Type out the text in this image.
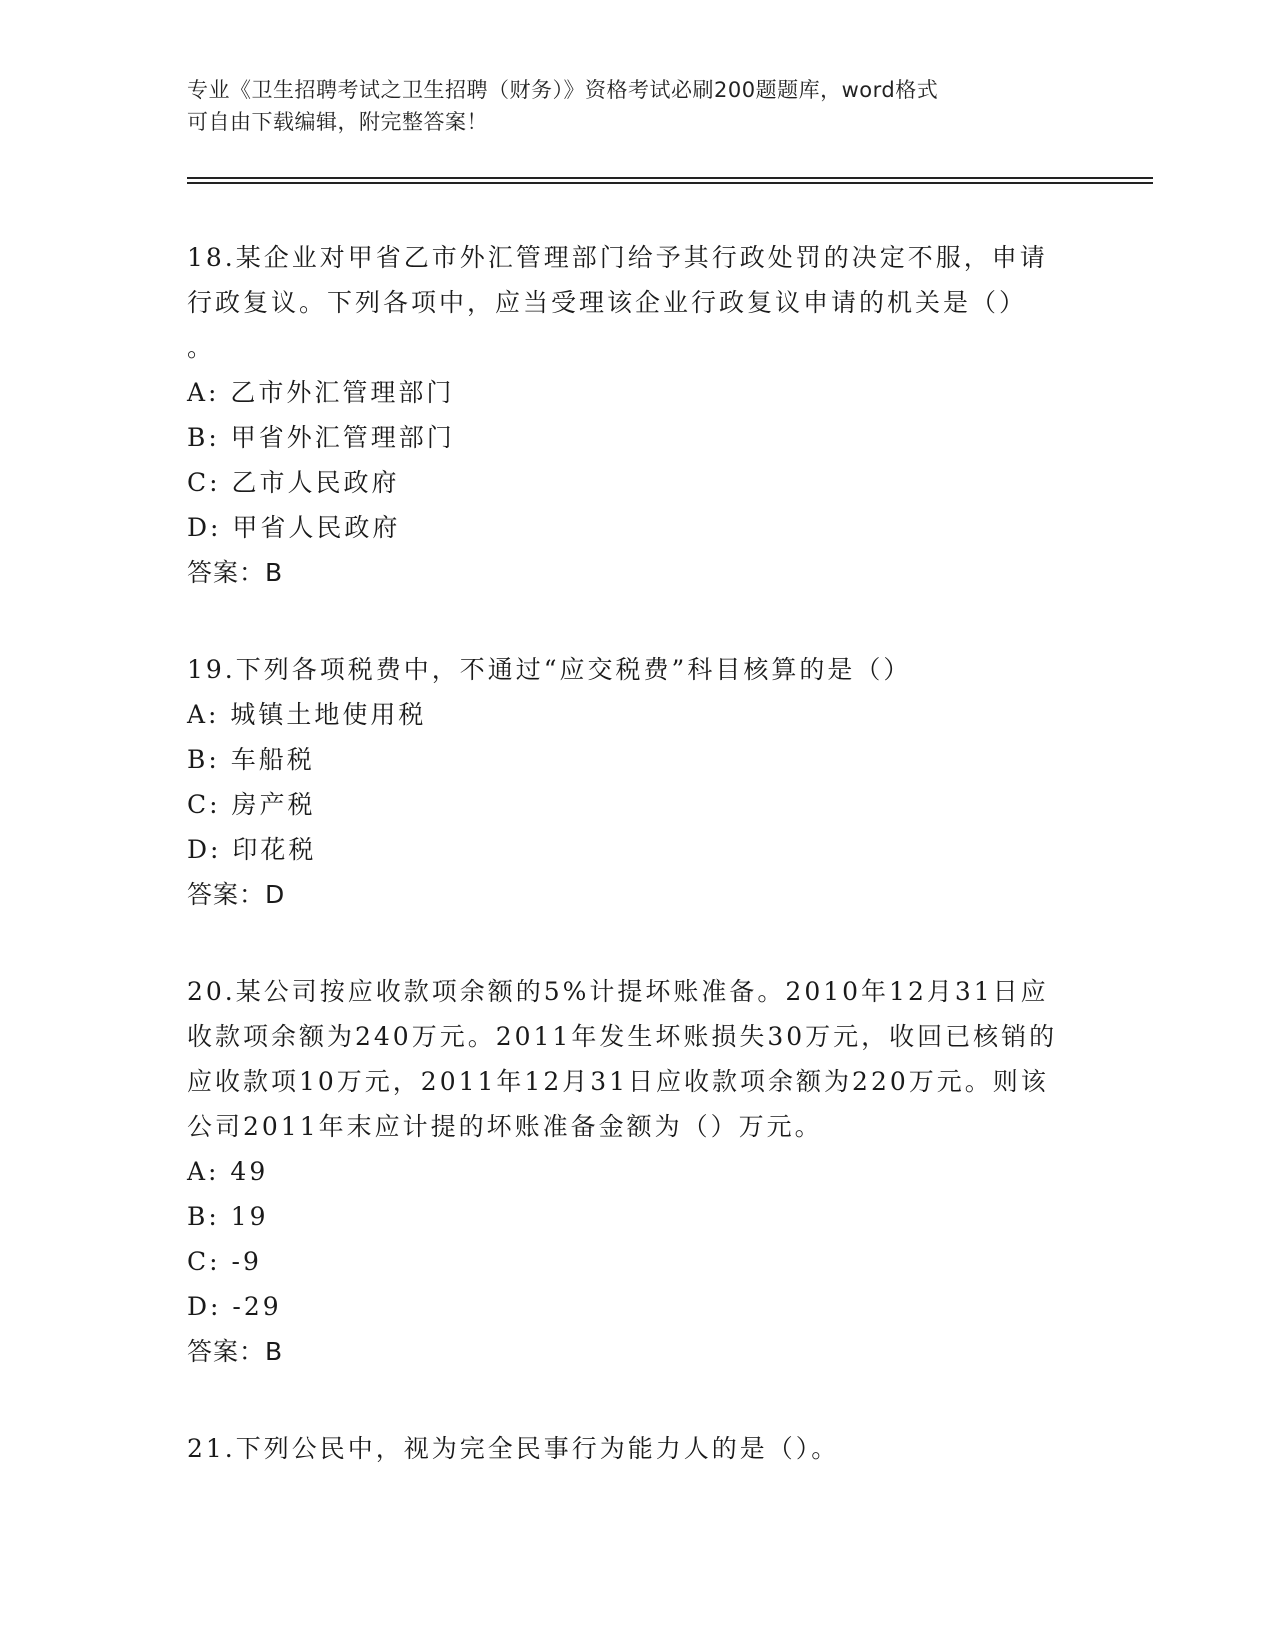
专业《卫生招聘考试之卫生招聘（财务）》资格考试必刷200题题库，word格式
可自由下载编辑，附完整答案！

18.某企业对甲省乙市外汇管理部门给予其行政处罚的决定不服，申请

行政复议。下列各项中，应当受理该企业行政复议申请的机关是（）

。

A: 乙市外汇管理部门

B: 甲省外汇管理部门

C: 乙市人民政府

D: 甲省人民政府

答案：B

19.下列各项税费中，不通过“应交税费”科目核算的是（）

A: 城镇土地使用税

B: 车船税

C: 房产税

D: 印花税

答案：D

20.某公司按应收款项余额的5%计提坏账准备。2010年12月31日应

收款项余额为240万元。2011年发生坏账损失30万元，收回已核销的

应收款项10万元，2011年12月31日应收款项余额为220万元。则该

公司2011年末应计提的坏账准备金额为（）万元。

A: 49

B: 19

C: -9

D: -29

答案：B

21.下列公民中，视为完全民事行为能力人的是（）。
